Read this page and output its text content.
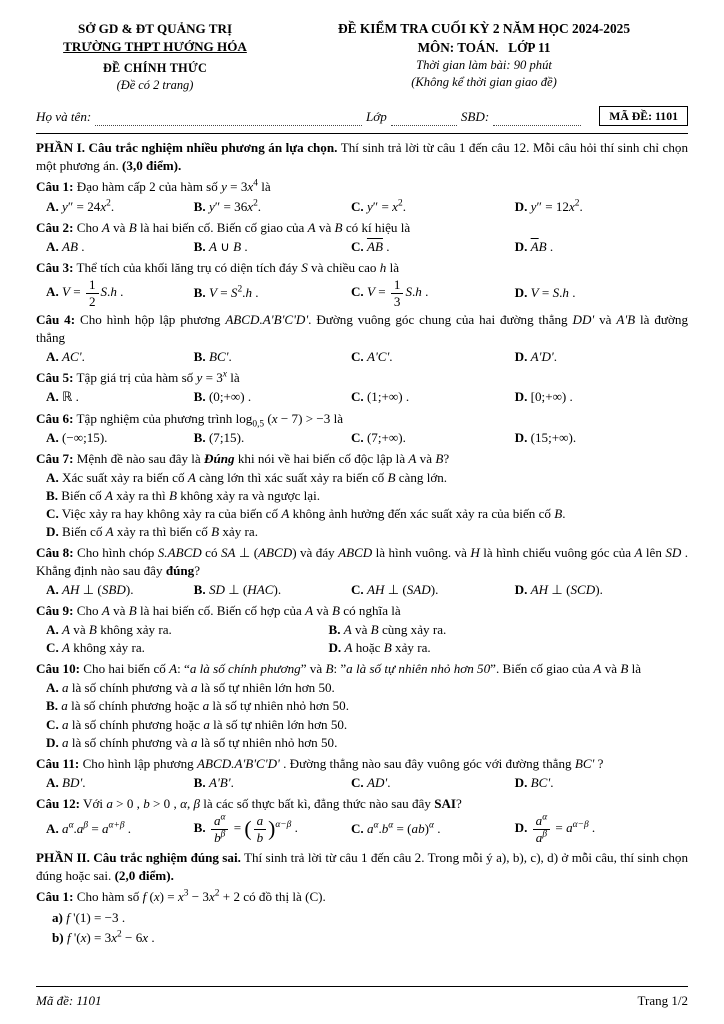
SỞ GD & ĐT QUẢNG TRỊ
TRƯỜNG THPT HƯỚNG HÓA
ĐỀ CHÍNH THỨC
(Đề có 2 trang)
ĐỀ KIỂM TRA CUỐI KỲ 2 NĂM HỌC 2024-2025
MÔN: TOÁN.   LỚP 11
Thời gian làm bài: 90 phút
(Không kể thời gian giao đề)
Họ và tên:	Lớp	SBD:	MÃ ĐỀ: 1101

PHẦN I. Câu trắc nghiệm nhiều phương án lựa chọn. Thí sinh trả lời từ câu 1 đến câu 12. Mỗi câu hỏi thí sinh chỉ chọn một phương án. (3,0 điểm).

Câu 1: Đạo hàm cấp 2 của hàm số $y = 3x^4$ là
A. $y'' = 24x^2$.	B. $y'' = 36x^2$.	C. $y'' = x^2$.	D. $y'' = 12x^2$.
Câu 2: Cho A và B là hai biến cố. Biến cố giao của A và B có kí hiệu là
A. AB .	B. A ∪ B .	C. $\overline{AB}$ .	D. $\overline{A}B$ .
Câu 3: Thể tích của khối lăng trụ có diện tích đáy S và chiều cao h là
A. $V = \frac{1}{2} S.h$ .	B. $V = S^2.h$ .	C. $V = \frac{1}{3} S.h$ .	D. V = S.h .
Câu 4: Cho hình hộp lập phương ABCD.A'B'C'D'. Đường vuông góc chung của hai đường thẳng DD' và A'B là đường thẳng
A. AC'.	B. BC'.	C. A'C'.	D. A'D'.
Câu 5: Tập giá trị của hàm số $y = 3^x$ là
A. ℝ .	B. (0;+∞) .	C. (1;+∞) .	D. [0;+∞) .
Câu 6: Tập nghiệm của phương trình $\log_{0,5} (x - 7) > -3$ là
A. (−∞;15).	B. (7;15).	C. (7;+∞).	D. (15;+∞).
Câu 7: Mệnh đề nào sau đây là Đúng khi nói về hai biến cố độc lập là A và B?
A. Xác suất xảy ra biến cố A càng lớn thì xác suất xảy ra biến cố B càng lớn.
B. Biến cố A xảy ra thì B không xảy ra và ngược lại.
C. Việc xảy ra hay không xảy ra của biến cố A không ảnh hưởng đến xác suất xảy ra của biến cố B.
D. Biến cố A xảy ra thì biến cố B xảy ra.
Câu 8: Cho hình chóp S.ABCD có SA ⊥ (ABCD) và đáy ABCD là hình vuông. và H là hình chiếu vuông góc của A lên SD . Khẳng định nào sau đây đúng?
A. AH ⊥ (SBD).	B. SD ⊥ (HAC).	C. AH ⊥ (SAD).	D. AH ⊥ (SCD).
Câu 9: Cho A và B là hai biến cố. Biến cố hợp của A và B có nghĩa là
A. A và B không xảy ra.	B. A và B cùng xảy ra.
C. A không xảy ra.	D. A hoặc B xảy ra.
Câu 10: Cho hai biến cố A: “a là số chính phương” và B: ”a là số tự nhiên nhỏ hơn 50”. Biến cố giao của A và B là
A. a là số chính phương và a là số tự nhiên lớn hơn 50.
B. a là số chính phương hoặc a là số tự nhiên nhỏ hơn 50.
C. a là số chính phương hoặc a là số tự nhiên lớn hơn 50.
D. a là số chính phương và a là số tự nhiên nhỏ hơn 50.
Câu 11: Cho hình lập phương ABCD.A'B'C'D' . Đường thẳng nào sau đây vuông góc với đường thẳng BC' ?
A. BD'.	B. A'B'.	C. AD'.	D. BC'.
Câu 12: Với a > 0 , b > 0 , α, β là các số thực bất kì, đẳng thức nào sau đây SAI?
A. $a^\alpha.a^\beta = a^{\alpha+\beta}$ .	B. $\frac{a^\alpha}{b^\beta}$ = ( $\frac{a}{b} )^{\alpha-\beta}$ .	C. $a^\alpha.b^\alpha = (ab)^\alpha$ .	D. $\frac{a^\alpha}{a^\beta} = a^{\alpha-\beta}$ .

PHẦN II. Câu trắc nghiệm đúng sai. Thí sinh trả lời từ câu 1 đến câu 2. Trong mỗi ý a), b), c), d) ở mỗi câu, thí sinh chọn đúng hoặc sai. (2,0 điểm).

Câu 1: Cho hàm số f $(x) = x^3 - 3x^2 + 2$ có đồ thị là (C).
a) f '(1) = −3 .
b) f '$(x) = 3x^2 - 6x$ .
Mã đề: 1101	Trang 1/2
